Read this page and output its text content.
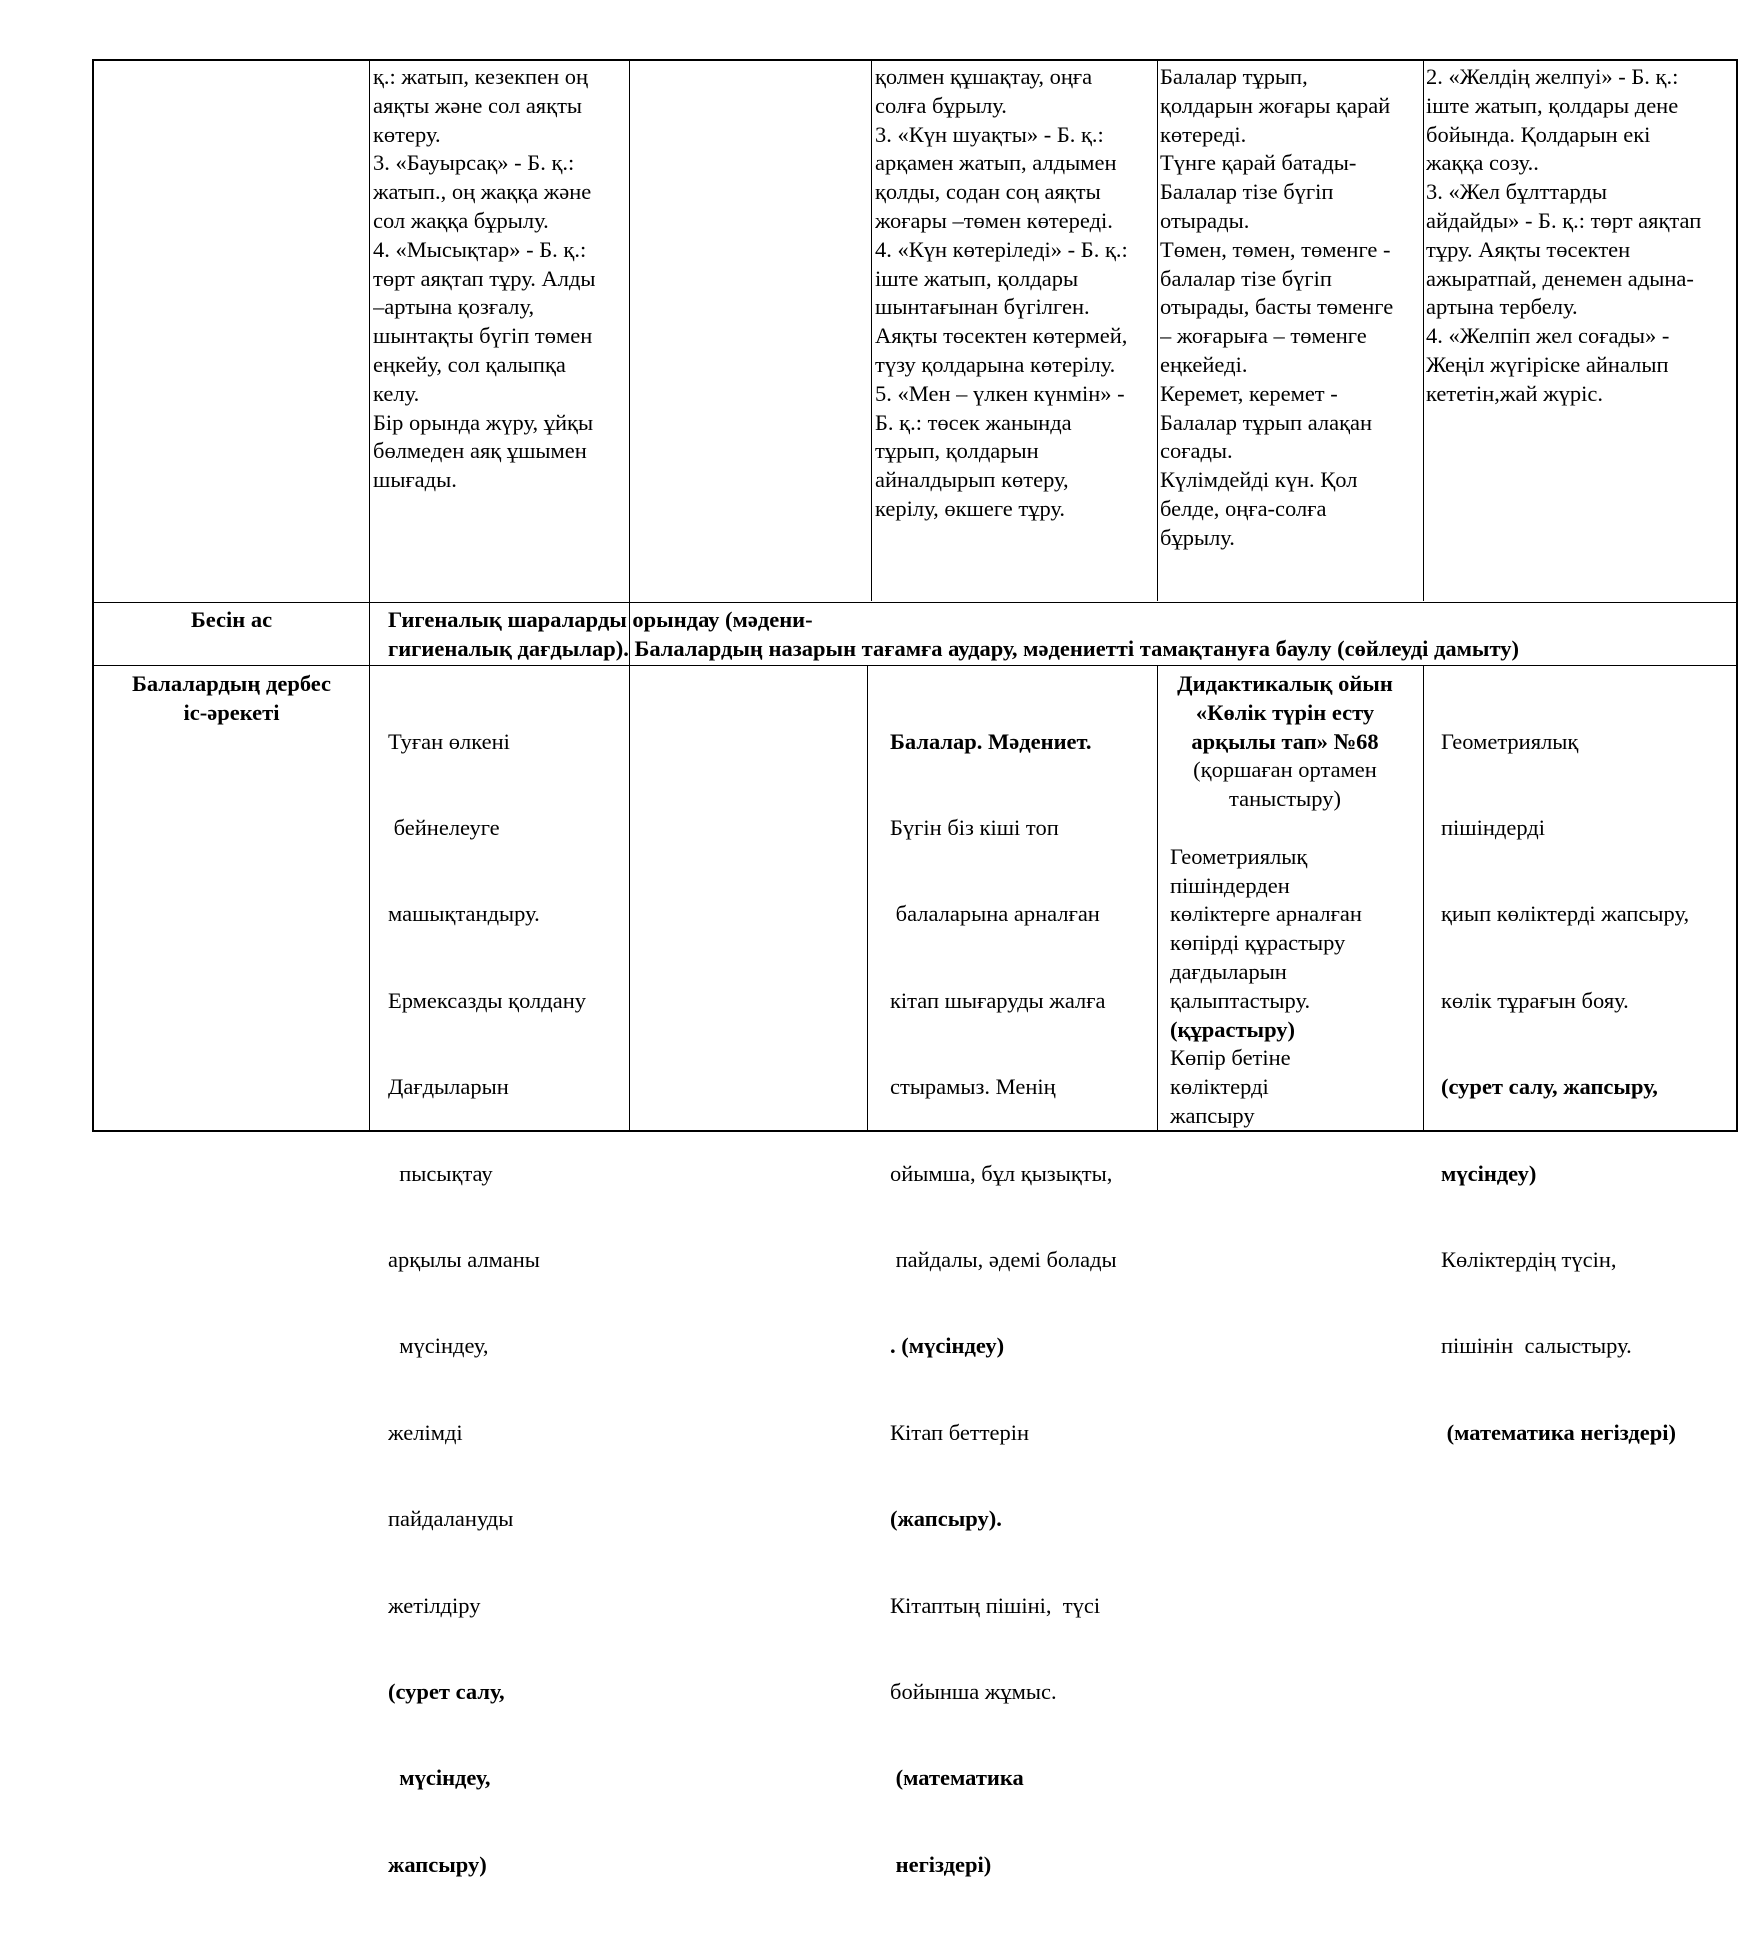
қ.: жатып, кезекпен оң
аяқты және сол аяқты
көтеру.
3. «Бауырсақ» - Б. қ.:
жатып., оң жаққа және
сол жаққа бұрылу.
4. «Мысықтар» - Б. қ.:
төрт аяқтап тұру. Алды
–артына қозғалу,
шынтақты бүгіп төмен
еңкейу, сол қалыпқа
келу.
Бір орында жүру, ұйқы
бөлмеден аяқ ұшымен
шығады.
қолмен құшақтау, оңға
солға бұрылу.
3. «Күн шуақты» - Б. қ.:
арқамен жатып, алдымен
қолды, содан соң аяқты
жоғары –төмен көтереді.
4. «Күн көтеріледі» - Б. қ.:
іште жатып, қолдары
шынтағынан бүгілген.
Аяқты төсектен көтермей,
түзу қолдарына көтерілу.
5. «Мен – үлкен күнмін» -
Б. қ.: төсек жанында
тұрып, қолдарын
айналдырып көтеру,
керілу, өкшеге тұру.
Балалар тұрып,
қолдарын жоғары қарай
көтереді.
Түнге қарай батады-
Балалар тізе бүгіп
отырады.
Төмен, төмен, төменге -
балалар тізе бүгіп
отырады, басты төменге
– жоғарыға – төменге
еңкейеді.
Керемет, керемет -
Балалар тұрып алақан
соғады.
Күлімдейді күн. Қол
белде, оңға-солға
бұрылу.
2. «Желдің желпуі» - Б. қ.:
іште жатып, қолдары дене
бойында. Қолдарын екі
жаққа созу..
3. «Жел бұлттарды
айдайды» - Б. қ.: төрт аяқтап
тұру. Аяқты төсектен
ажыратпай, денемен адына-
артына тербелу.
4. «Желпіп жел соғады» -
Жеңіл жүгіріске айналып
кететін,жай жүріс.
Бесін ас	Гигеналық шараларды орындау (мәдени-
гигиеналық дағдылар). Балалардың назарын тағамға аудару, мәдениетті тамақтануға баулу (сөйлеуді дамыту)
Балалардың дербес
іс-әрекеті

Туған өлкені

бейнелеуге

машықтандыру.

Ермексазды қолдану

Дағдыларын

пысықтау

арқылы алманы

мүсіндеу,

желімді

пайдалануды

жетілдіру

(сурет салу,

мүсіндеу,

жапсыру)

Балалар. Мәдениет.

Бүгін біз кіші топ

балаларына арналған

кітап шығаруды жалға

стырамыз. Менің

ойымша, бұл қызықты,

пайдалы, әдемі болады

. (мүсіндеу)

Кітап беттерін

(жапсыру).

Кітаптың пішіні,  түсі

бойынша жұмыс.

(математика

негіздері)

Дидактикалық ойын
«Көлік түрін есту
арқылы тап» №68
(қоршаған ортамен
таныстыру)
Геометриялық
пішіндерден
көліктерге арналған
көпірді құрастыру
дағдыларын
қалыптастыру.
(құрастыру)
Көпір бетіне
көліктерді
жапсыру

Геометриялық

пішіндерді

қиып көліктерді жапсыру,

көлік тұрағын бояу.

(сурет салу, жапсыру,

мүсіндеу)

Көліктердің түсін,

пішінін  салыстыру.

(математика негіздері)
